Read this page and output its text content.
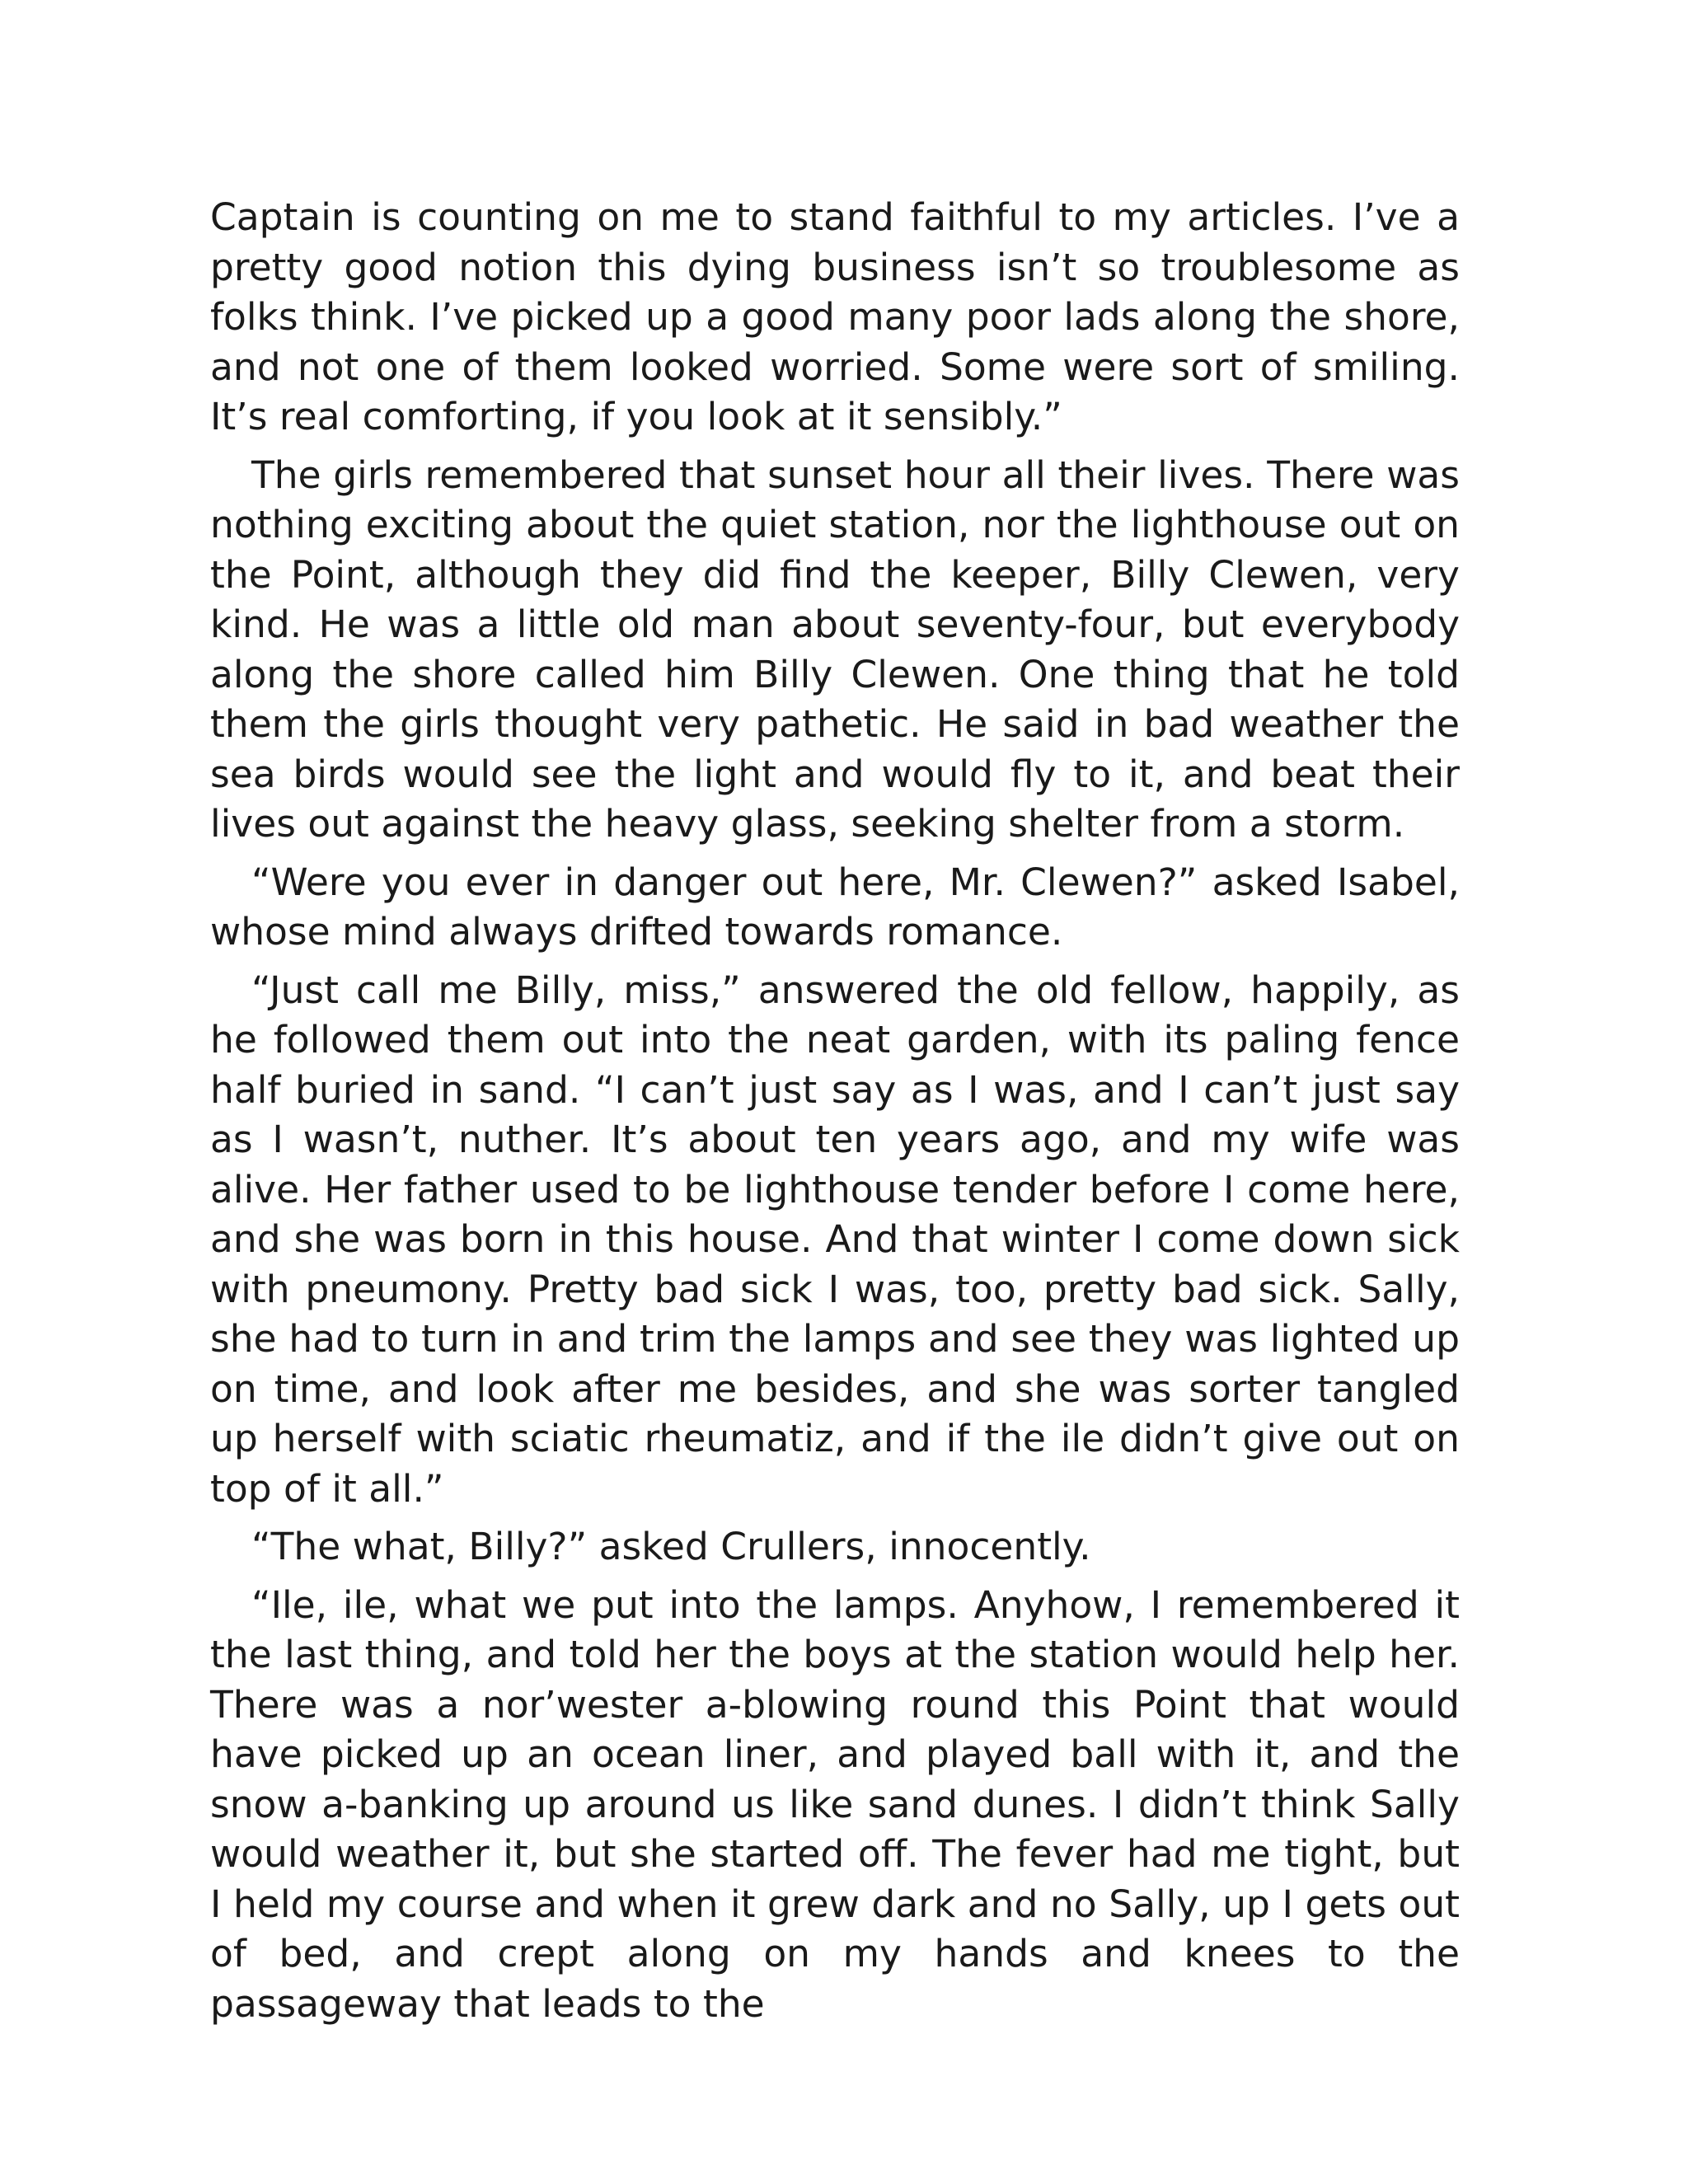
Captain is counting on me to stand faithful to my articles. I’ve a pretty good notion this dying business isn’t so troublesome as folks think. I’ve picked up a good many poor lads along the shore, and not one of them looked worried. Some were sort of smiling. It’s real comforting, if you look at it sensibly.”

The girls remembered that sunset hour all their lives. There was nothing exciting about the quiet station, nor the lighthouse out on the Point, although they did find the keeper, Billy Clewen, very kind. He was a little old man about seventy-four, but everybody along the shore called him Billy Clewen. One thing that he told them the girls thought very pathetic. He said in bad weather the sea birds would see the light and would fly to it, and beat their lives out against the heavy glass, seeking shelter from a storm.

“Were you ever in danger out here, Mr. Clewen?” asked Isabel, whose mind always drifted towards romance.

“Just call me Billy, miss,” answered the old fellow, happily, as he followed them out into the neat garden, with its paling fence half buried in sand. “I can’t just say as I was, and I can’t just say as I wasn’t, nuther. It’s about ten years ago, and my wife was alive. Her father used to be lighthouse tender before I come here, and she was born in this house. And that winter I come down sick with pneumony. Pretty bad sick I was, too, pretty bad sick. Sally, she had to turn in and trim the lamps and see they was lighted up on time, and look after me besides, and she was sorter tangled up herself with sciatic rheumatiz, and if the ile didn’t give out on top of it all.”

“The what, Billy?” asked Crullers, innocently.

“Ile, ile, what we put into the lamps. Anyhow, I remembered it the last thing, and told her the boys at the station would help her. There was a nor’wester a-blowing round this Point that would have picked up an ocean liner, and played ball with it, and the snow a-banking up around us like sand dunes. I didn’t think Sally would weather it, but she started off. The fever had me tight, but I held my course and when it grew dark and no Sally, up I gets out of bed, and crept along on my hands and knees to the passageway that leads to the
